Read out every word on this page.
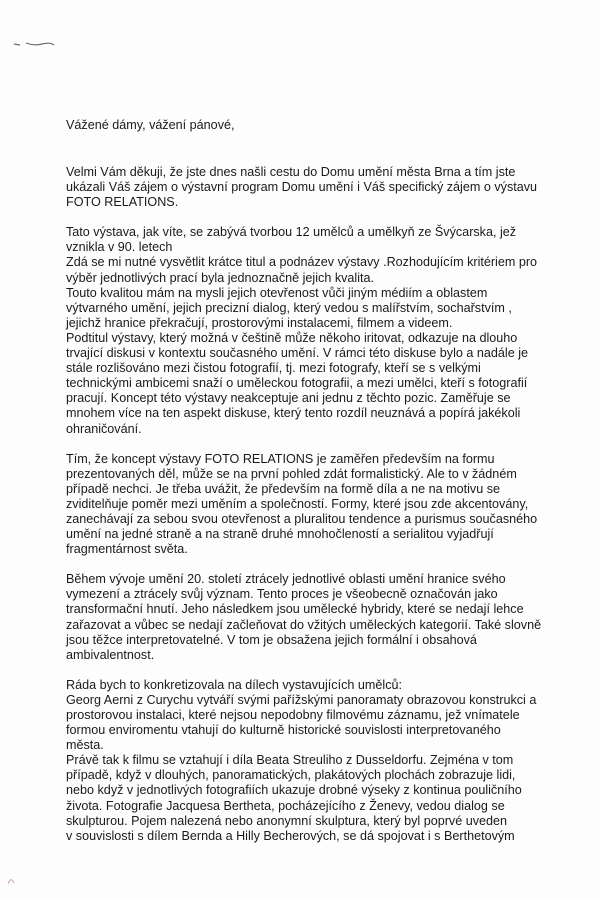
Vážené dámy, vážení pánové,
Velmi Vám děkuji, že jste dnes našli cestu do Domu umění města Brna a tím jste
ukázali Váš zájem o výstavní program Domu umění i Váš specifický zájem o výstavu
FOTO RELATIONS.
Tato výstava, jak víte, se zabývá tvorbou 12 umělců a umělkyň ze Švýcarska, jež
vznikla v 90. letech
Zdá se mi nutné vysvětlit krátce titul a podnázev výstavy .Rozhodujícím kritériem pro
výběr jednotlivých prací byla jednoznačně jejich kvalita.
Touto kvalitou mám na mysli jejich otevřenost vůči jiným médiím a oblastem
výtvarného umění, jejich precizní dialog, který vedou s malířstvím, sochařstvím ,
jejichž hranice překračují, prostorovými instalacemi, filmem a videem.
Podtitul výstavy, který možná v češtině může někoho iritovat, odkazuje na dlouho
trvající diskusi v kontextu současného umění. V rámci této diskuse bylo a nadále je
stále rozlišováno mezi čistou fotografií, tj. mezi fotografy, kteří se s velkými
technickými ambicemi snaží o uměleckou fotografii, a mezi umělci, kteří s fotografií
pracují. Koncept této výstavy neakceptuje ani jednu z těchto pozic. Zaměřuje se
mnohem více na ten aspekt diskuse, který tento rozdíl neuznává a popírá jakékoli
ohraničování.
Tím, že koncept výstavy FOTO RELATIONS je zaměřen především na formu
prezentovaných děl, může se na první pohled zdát formalistický. Ale to v žádném
případě nechci. Je třeba uvážit, že především na formě díla a ne na motivu se
zviditelňuje poměr mezi uměním a společností. Formy, které jsou zde akcentovány,
zanechávají za sebou svou otevřenost a pluralitou tendence a purismus současného
umění na jedné straně a na straně druhé mnohočleností a serialitou vyjadřují
fragmentárnost světa.
Během vývoje umění 20. století ztrácely jednotlivé oblasti umění hranice svého
vymezení a ztrácely svůj význam. Tento proces je všeobecně označován jako
transformační hnutí. Jeho následkem jsou umělecké hybridy, které se nedají lehce
zařazovat a vůbec se nedají začleňovat do vžitých uměleckých kategorií. Také slovně
jsou těžce interpretovatelné. V tom je obsažena jejich formální i obsahová
ambivalentnost.
Ráda bych to konkretizovala na dílech vystavujících umělců:
Georg Aerni z Curychu vytváří svými pařížskými panoramaty obrazovou konstrukci a
prostorovou instalaci, které nejsou nepodobny filmovému záznamu, jež vnímatele
formou enviromentu vtahují do kulturně historické souvislosti interpretovaného
města.
Právě tak k filmu se vztahují i díla Beata Streuliho z Dusseldorfu. Zejména v tom
případě, když v dlouhých, panoramatických, plakátových plochách zobrazuje lidi,
nebo když v jednotlivých fotografiích ukazuje drobné výseky z kontinua pouličního
života. Fotografie Jacquesa Bertheta, pocházejícího z Ženevy, vedou dialog se
skulpturou. Pojem nalezená nebo anonymní skulptura, který byl poprvé uveden
v souvislosti s dílem Bernda a Hilly Becherových, se dá spojovat i s Berthetovým
